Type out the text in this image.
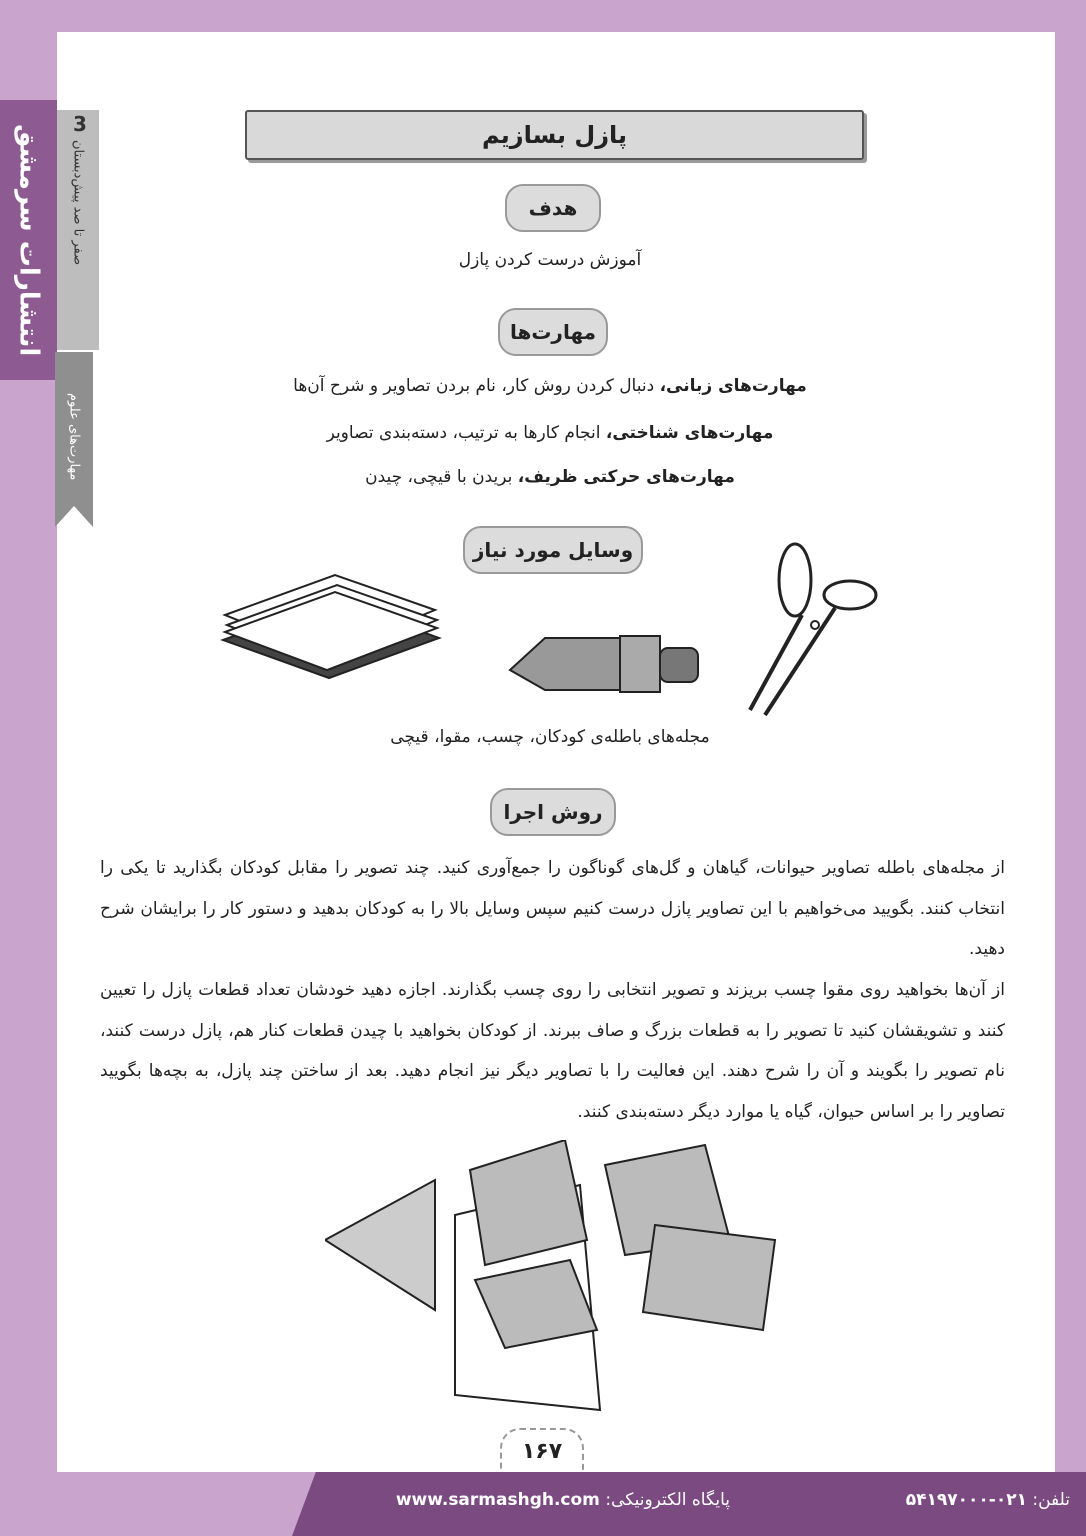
انتشارات سرمشق	3
صفر تا صد پیش‌دبستان
مهارت‌های علوم
پازل بسازیم
هدف
آموزش درست کردن پازل
مهارت‌ها
مهارت‌های زبانی، دنبال کردن روش کار، نام بردن تصاویر و شرح آن‌ها
مهارت‌های شناختی، انجام کارها به ترتیب، دسته‌بندی تصاویر
مهارت‌های حرکتی ظریف، بریدن با قیچی، چیدن
وسایل مورد نیاز
مجله‌های باطله‌ی کودکان، چسب، مقوا، قیچی
روش اجرا
از مجله‌های باطله تصاویر حیوانات، گیاهان و گل‌های گوناگون را جمع‌آوری کنید. چند تصویر را مقابل کودکان بگذارید تا یکی را انتخاب کنند. بگویید می‌خواهیم با این تصاویر پازل درست کنیم سپس وسایل بالا را به کودکان بدهید و دستور کار را برایشان شرح دهید.
از آن‌ها بخواهید روی مقوا چسب بریزند و تصویر انتخابی را روی چسب بگذارند. اجازه دهید خودشان تعداد قطعات پازل را تعیین کنند و تشویقشان کنید تا تصویر را به قطعات بزرگ و صاف ببرند. از کودکان بخواهید با چیدن قطعات کنار هم، پازل درست کنند، نام تصویر را بگویند و آن را شرح دهند. این فعالیت را با تصاویر دیگر نیز انجام دهید. بعد از ساختن چند پازل، به بچه‌ها بگویید تصاویر را بر اساس حیوان، گیاه یا موارد دیگر دسته‌بندی کنند.
۱۶۷
پایگاه الکترونیکی: www.sarmashgh.com	تلفن: ۰۲۱-۵۴۱۹۷۰۰۰
